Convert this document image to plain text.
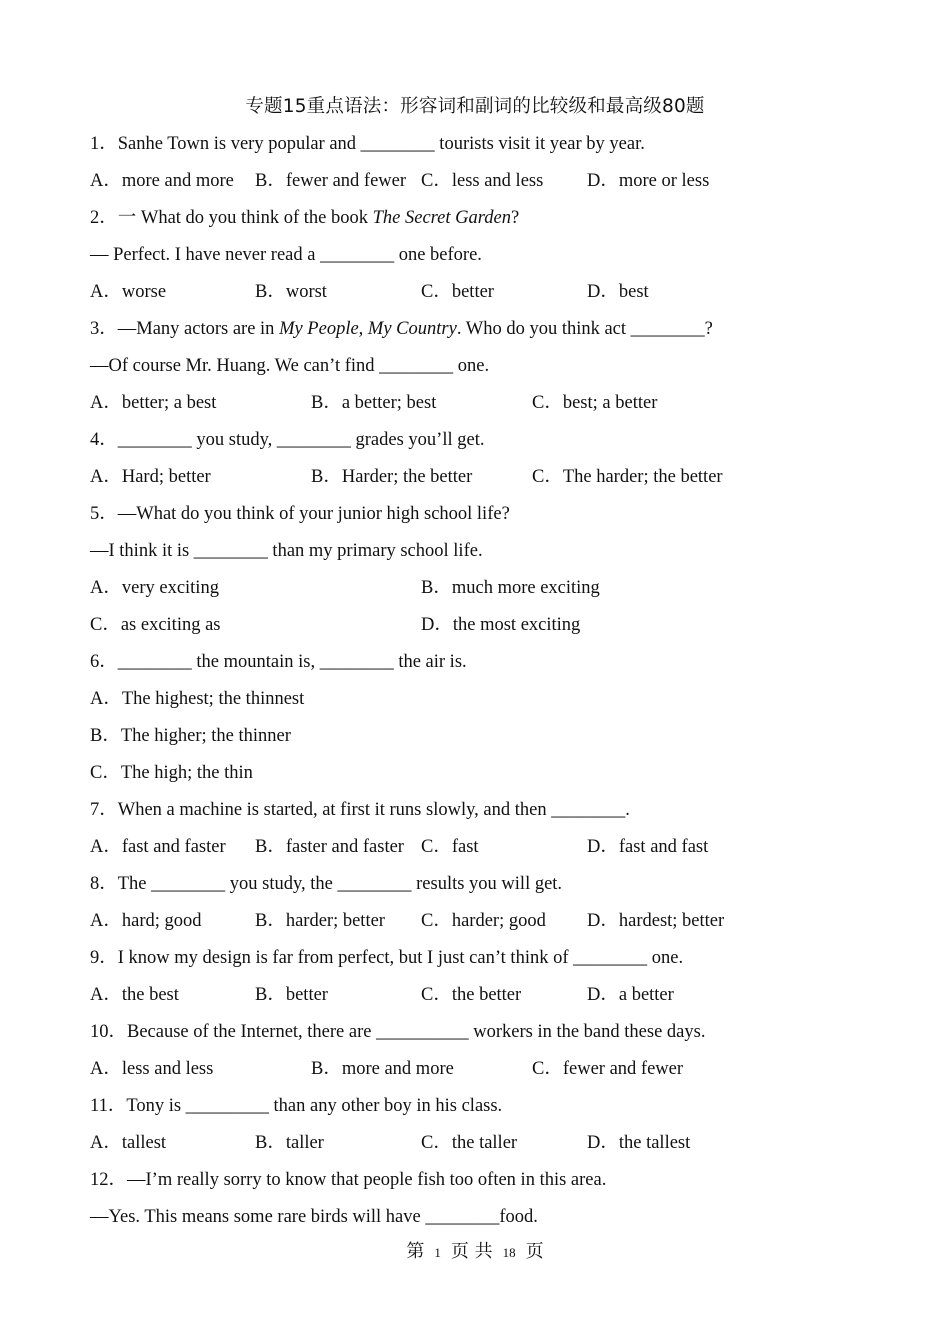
专题15重点语法：形容词和副词的比较级和最高级80题
1．Sanhe Town is very popular and ________ tourists visit it year by year.
A．more and more B．fewer and fewer C．less and less D．more or less
2．一 What do you think of the book The Secret Garden?
— Perfect. I have never read a ________ one before.
A．worse	B．worst	C．better	D．best
3．—Many actors are in My People, My Country. Who do you think act ________?
—Of course Mr. Huang. We can’t find ________ one.
A．better; a best	B．a better; best	C．best; a better
4．________ you study, ________ grades you’ll get.
A．Hard; better	B．Harder; the better	C．The harder; the better
5．—What do you think of your junior high school life?
—I think it is ________ than my primary school life.
A．very exciting	B．much more exciting
C．as exciting as	D．the most exciting
6．________ the mountain is, ________ the air is.
A．The highest; the thinnest
B．The higher; the thinner
C．The high; the thin
7．When a machine is started, at first it runs slowly, and then ________.
A．fast and faster B．faster and faster C．fast	D．fast and fast
8．The ________ you study, the ________ results you will get.
A．hard; good	B．harder; better C．harder; good D．hardest; better
9．I know my design is far from perfect, but I just can’t think of ________ one.
A．the best	B．better	C．the better	D．a better
10．Because of the Internet, there are __________ workers in the band these days.
A．less and less	B．more and more	C．fewer and fewer
11．Tony is _________ than any other boy in his class.
A．tallest	B．taller	C．the taller	D．the tallest
12．—I’m really sorry to know that people fish too often in this area.
—Yes. This means some rare birds will have ________food.
第 1 页 共 18 页
